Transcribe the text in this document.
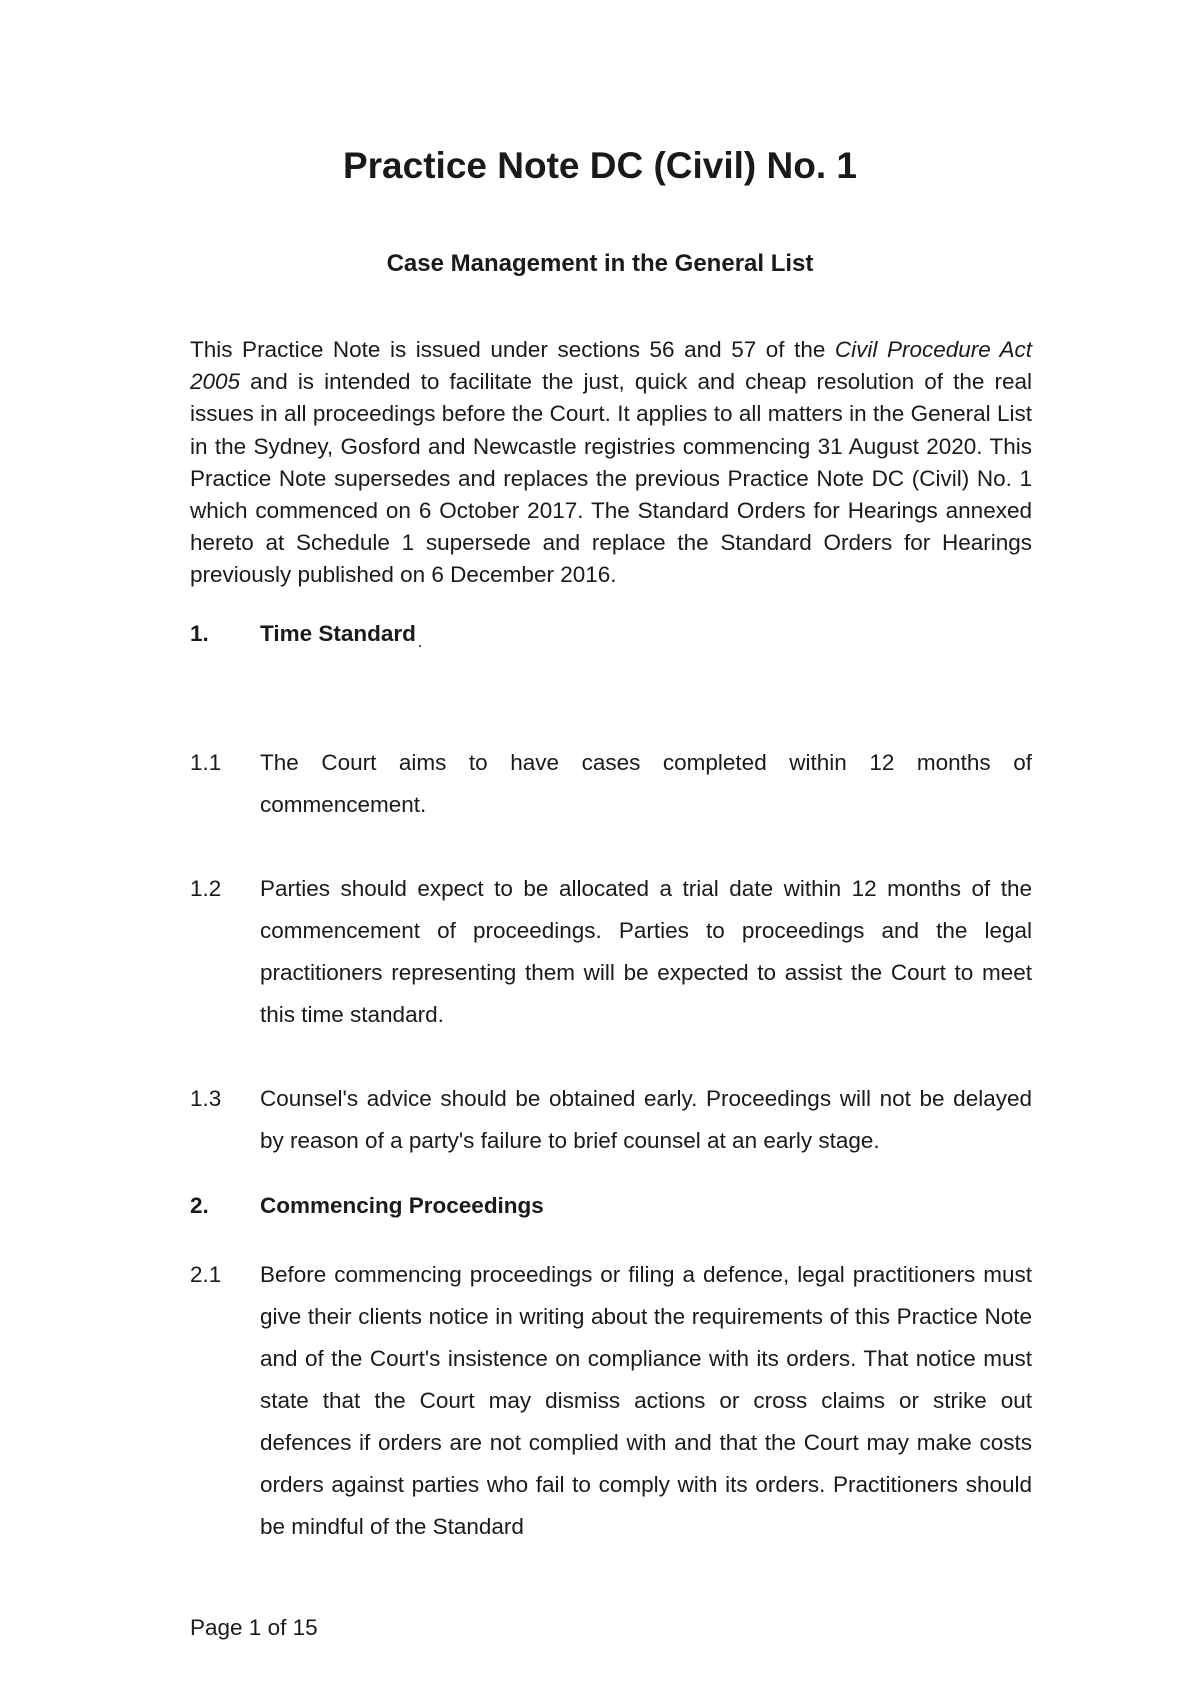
Practice Note DC (Civil) No. 1
Case Management in the General List

This Practice Note is issued under sections 56 and 57 of the Civil Procedure Act 2005 and is intended to facilitate the just, quick and cheap resolution of the real issues in all proceedings before the Court. It applies to all matters in the General List in the Sydney, Gosford and Newcastle registries commencing 31 August 2020. This Practice Note supersedes and replaces the previous Practice Note DC (Civil) No. 1 which commenced on 6 October 2017. The Standard Orders for Hearings annexed hereto at Schedule 1 supersede and replace the Standard Orders for Hearings previously published on 6 December 2016.

1. Time Standard
1.1	The Court aims to have cases completed within 12 months of commencement.
1.2	Parties should expect to be allocated a trial date within 12 months of the commencement of proceedings. Parties to proceedings and the legal practitioners representing them will be expected to assist the Court to meet this time standard.
1.3	Counsel's advice should be obtained early. Proceedings will not be delayed by reason of a party's failure to brief counsel at an early stage.
2. Commencing Proceedings
2.1	Before commencing proceedings or filing a defence, legal practitioners must give their clients notice in writing about the requirements of this Practice Note and of the Court's insistence on compliance with its orders. That notice must state that the Court may dismiss actions or cross claims or strike out defences if orders are not complied with and that the Court may make costs orders against parties who fail to comply with its orders. Practitioners should be mindful of the Standard

Page 1 of 15
